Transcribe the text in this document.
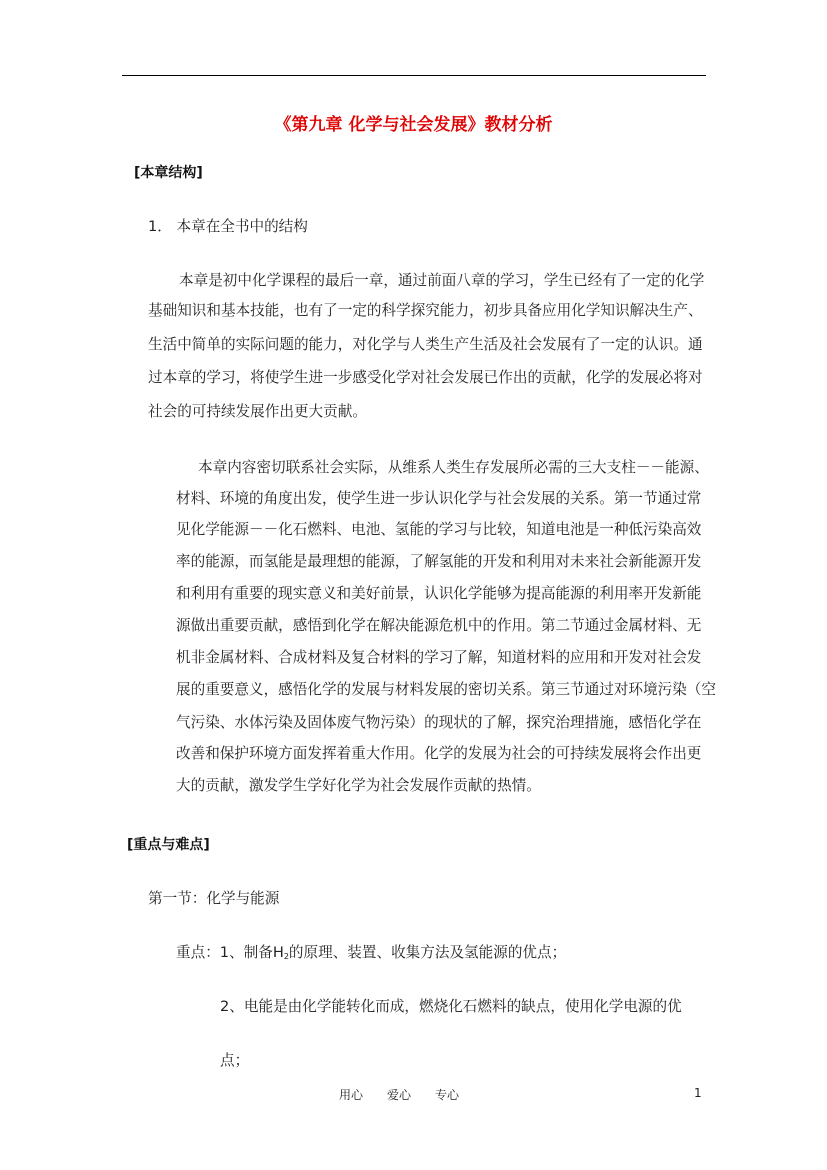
《第九章 化学与社会发展》教材分析
[本章结构]
1． 本章在全书中的结构
本章是初中化学课程的最后一章，通过前面八章的学习，学生已经有了一定的化学
基础知识和基本技能，也有了一定的科学探究能力，初步具备应用化学知识解决生产、
生活中简单的实际问题的能力，对化学与人类生产生活及社会发展有了一定的认识。通
过本章的学习，将使学生进一步感受化学对社会发展已作出的贡献，化学的发展必将对
社会的可持续发展作出更大贡献。
本章内容密切联系社会实际，从维系人类生存发展所必需的三大支柱－－能源、
材料、环境的角度出发，使学生进一步认识化学与社会发展的关系。第一节通过常
见化学能源－－化石燃料、电池、氢能的学习与比较，知道电池是一种低污染高效
率的能源，而氢能是最理想的能源，了解氢能的开发和利用对未来社会新能源开发
和利用有重要的现实意义和美好前景，认识化学能够为提高能源的利用率开发新能
源做出重要贡献，感悟到化学在解决能源危机中的作用。第二节通过金属材料、无
机非金属材料、合成材料及复合材料的学习了解，知道材料的应用和开发对社会发
展的重要意义，感悟化学的发展与材料发展的密切关系。第三节通过对环境污染（空
气污染、水体污染及固体废气物污染）的现状的了解，探究治理措施，感悟化学在
改善和保护环境方面发挥着重大作用。化学的发展为社会的可持续发展将会作出更
大的贡献，激发学生学好化学为社会发展作贡献的热情。
[重点与难点]
第一节：化学与能源
重点：1、制备$H_2$的原理、装置、收集方法及氢能源的优点；
2、电能是由化学能转化而成，燃烧化石燃料的缺点，使用化学电源的优
点；
用心　　爱心　　专心	1
